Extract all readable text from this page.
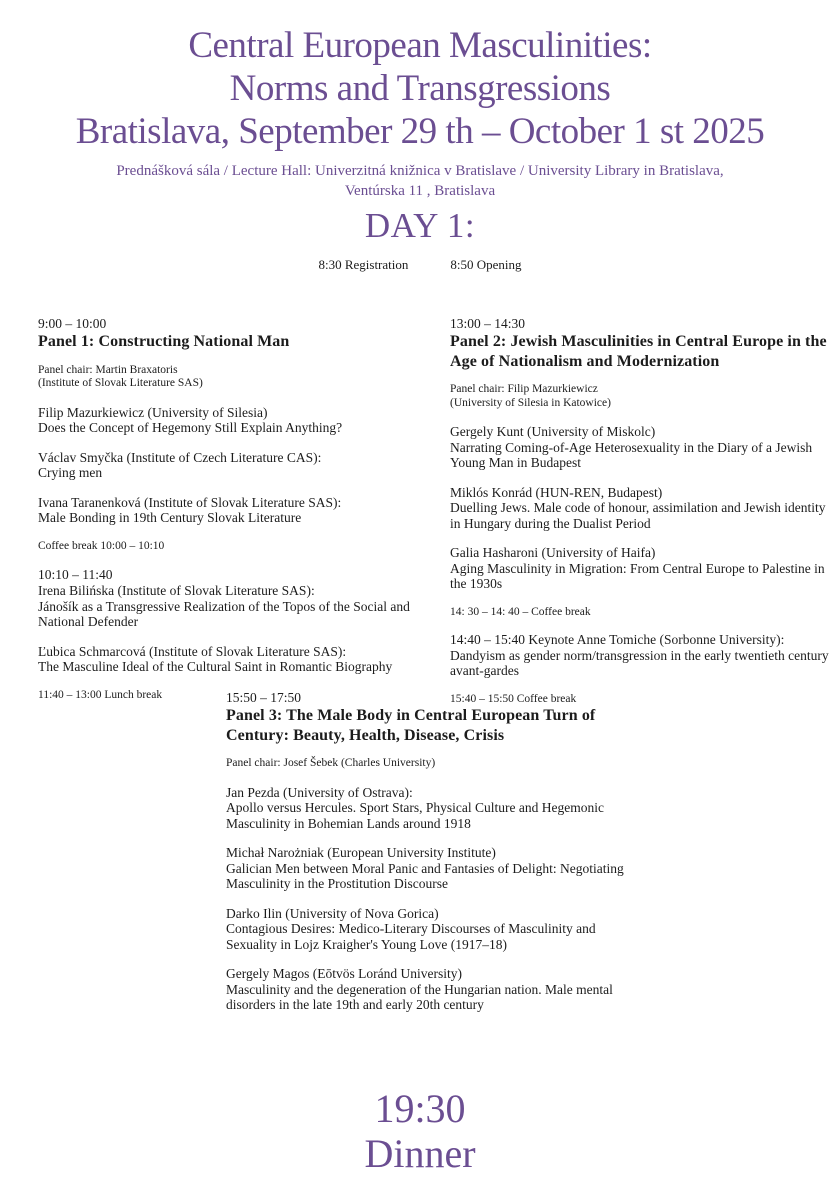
Central European Masculinities:
Norms and Transgressions
Bratislava, September 29 th – October 1 st 2025
Prednášková sála / Lecture Hall: Univerzitná knižnica v Bratislave / University Library in Bratislava,
Ventúrska 11 , Bratislava
DAY 1:
8:30 Registration	8:50 Opening
9:00 – 10:00
Panel 1: Constructing National Man
Panel chair: Martin Braxatoris
(Institute of Slovak Literature SAS)
Filip Mazurkiewicz (University of Silesia)
Does the Concept of Hegemony Still Explain Anything?
Václav Smyčka (Institute of Czech Literature CAS):
Crying men
Ivana Taranenková (Institute of Slovak Literature SAS):
Male Bonding in 19th Century Slovak Literature
Coffee break 10:00 – 10:10
10:10 – 11:40
Irena Bilińska (Institute of Slovak Literature SAS):
Jánošík as a Transgressive Realization of the Topos of the Social and National Defender
Ľubica Schmarcová (Institute of Slovak Literature SAS):
The Masculine Ideal of the Cultural Saint in Romantic Biography
11:40 – 13:00 Lunch break
13:00 – 14:30
Panel 2: Jewish Masculinities in Central Europe in the Age of Nationalism and Modernization
Panel chair: Filip Mazurkiewicz
(University of Silesia in Katowice)
Gergely Kunt (University of Miskolc)
Narrating Coming-of-Age Heterosexuality in the Diary of a Jewish Young Man in Budapest
Miklós Konrád (HUN-REN, Budapest)
Duelling Jews. Male code of honour, assimilation and Jewish identity in Hungary during the Dualist Period
Galia Hasharoni (University of Haifa)
Aging Masculinity in Migration: From Central Europe to Palestine in the 1930s
14: 30 – 14: 40 – Coffee break
14:40 – 15:40 Keynote Anne Tomiche (Sorbonne University):
Dandyism as gender norm/transgression in the early twentieth century avant-gardes
15:40 – 15:50 Coffee break
15:50 – 17:50
Panel 3: The Male Body in Central European Turn of Century: Beauty, Health, Disease, Crisis
Panel chair: Josef Šebek (Charles University)
Jan Pezda (University of Ostrava):
Apollo versus Hercules. Sport Stars, Physical Culture and Hegemonic Masculinity in Bohemian Lands around 1918
Michał Narożniak (European University Institute)
Galician Men between Moral Panic and Fantasies of Delight: Negotiating Masculinity in the Prostitution Discourse
Darko Ilin (University of Nova Gorica)
Contagious Desires: Medico-Literary Discourses of Masculinity and Sexuality in Lojz Kraigher's Young Love (1917–18)
Gergely Magos (Eōtvös Loránd University)
Masculinity and the degeneration of the Hungarian nation. Male mental disorders in the late 19th and early 20th century
19:30
Dinner
